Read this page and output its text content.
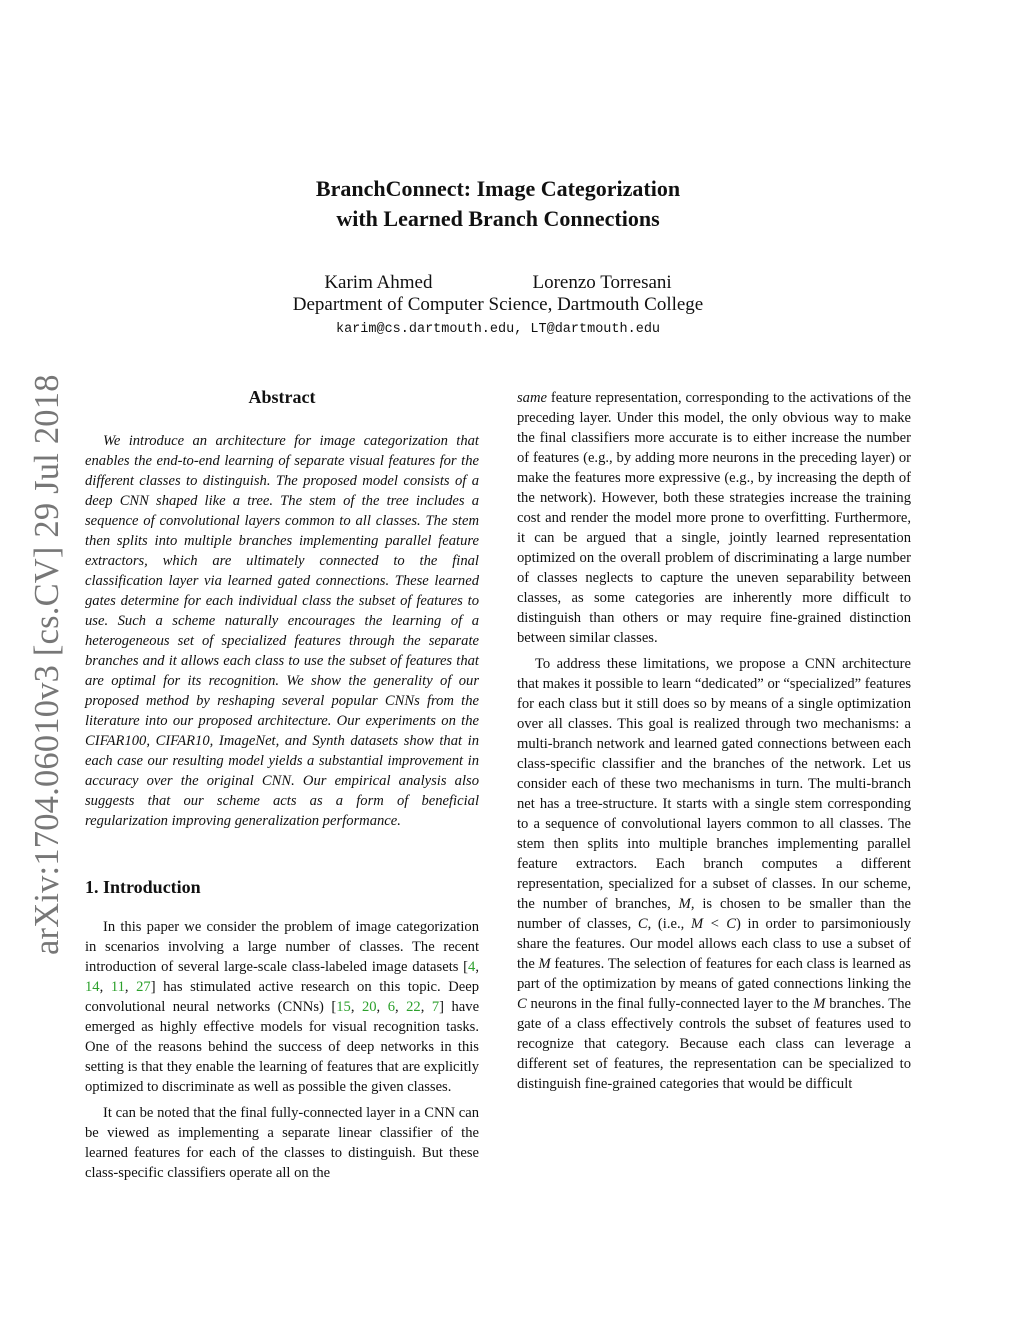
BranchConnect: Image Categorization
with Learned Branch Connections
Karim Ahmed	Lorenzo Torresani
Department of Computer Science, Dartmouth College
karim@cs.dartmouth.edu, LT@dartmouth.edu
arXiv:1704.06010v3 [cs.CV] 29 Jul 2018	Abstract

We introduce an architecture for image categorization that enables the end-to-end learning of separate visual features for the different classes to distinguish. The proposed model consists of a deep CNN shaped like a tree. The stem of the tree includes a sequence of convolutional layers common to all classes. The stem then splits into multiple branches implementing parallel feature extractors, which are ultimately connected to the final classification layer via learned gated connections. These learned gates determine for each individual class the subset of features to use. Such a scheme naturally encourages the learning of a heterogeneous set of specialized features through the separate branches and it allows each class to use the subset of features that are optimal for its recognition. We show the generality of our proposed method by reshaping several popular CNNs from the literature into our proposed architecture. Our experiments on the CIFAR100, CIFAR10, ImageNet, and Synth datasets show that in each case our resulting model yields a substantial improvement in accuracy over the original CNN. Our empirical analysis also suggests that our scheme acts as a form of beneficial regularization improving generalization performance.

1. Introduction

In this paper we consider the problem of image categorization in scenarios involving a large number of classes. The recent introduction of several large-scale class-labeled image datasets [4, 14, 11, 27] has stimulated active research on this topic. Deep convolutional neural networks (CNNs) [15, 20, 6, 22, 7] have emerged as highly effective models for visual recognition tasks. One of the reasons behind the success of deep networks in this setting is that they enable the learning of features that are explicitly optimized to discriminate as well as possible the given classes.

It can be noted that the final fully-connected layer in a CNN can be viewed as implementing a separate linear classifier of the learned features for each of the classes to distinguish. But these class-specific classifiers operate all on the

same feature representation, corresponding to the activations of the preceding layer. Under this model, the only obvious way to make the final classifiers more accurate is to either increase the number of features (e.g., by adding more neurons in the preceding layer) or make the features more expressive (e.g., by increasing the depth of the network). However, both these strategies increase the training cost and render the model more prone to overfitting. Furthermore, it can be argued that a single, jointly learned representation optimized on the overall problem of discriminating a large number of classes neglects to capture the uneven separability between classes, as some categories are inherently more difficult to distinguish than others or may require fine-grained distinction between similar classes.

To address these limitations, we propose a CNN architecture that makes it possible to learn “dedicated” or “specialized” features for each class but it still does so by means of a single optimization over all classes. This goal is realized through two mechanisms: a multi-branch network and learned gated connections between each class-specific classifier and the branches of the network. Let us consider each of these two mechanisms in turn. The multi-branch net has a tree-structure. It starts with a single stem corresponding to a sequence of convolutional layers common to all classes. The stem then splits into multiple branches implementing parallel feature extractors. Each branch computes a different representation, specialized for a subset of classes. In our scheme, the number of branches, M, is chosen to be smaller than the number of classes, C, (i.e., M < C) in order to parsimoniously share the features. Our model allows each class to use a subset of the M features. The selection of features for each class is learned as part of the optimization by means of gated connections linking the C neurons in the final fully-connected layer to the M branches. The gate of a class effectively controls the subset of features used to recognize that category. Because each class can leverage a different set of features, the representation can be specialized to distinguish fine-grained categories that would be difficult
